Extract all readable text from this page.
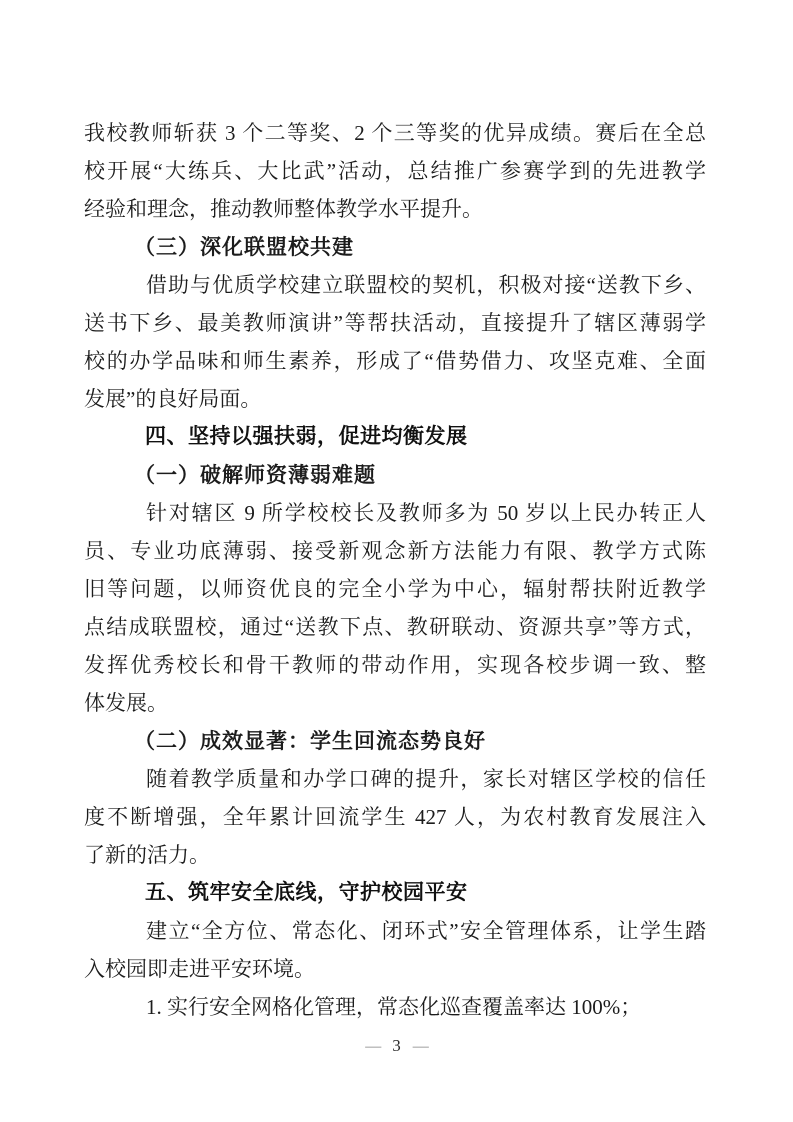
我校教师斩获 3 个二等奖、2 个三等奖的优异成绩。赛后在全总
校开展“大练兵、大比武”活动，总结推广参赛学到的先进教学
经验和理念，推动教师整体教学水平提升。
（三）深化联盟校共建
借助与优质学校建立联盟校的契机，积极对接“送教下乡、
送书下乡、最美教师演讲”等帮扶活动，直接提升了辖区薄弱学
校的办学品味和师生素养，形成了“借势借力、攻坚克难、全面
发展”的良好局面。
四、坚持以强扶弱，促进均衡发展
（一）破解师资薄弱难题
针对辖区 9 所学校校长及教师多为 50 岁以上民办转正人
员、专业功底薄弱、接受新观念新方法能力有限、教学方式陈
旧等问题，以师资优良的完全小学为中心，辐射帮扶附近教学
点结成联盟校，通过“送教下点、教研联动、资源共享”等方式，
发挥优秀校长和骨干教师的带动作用，实现各校步调一致、整
体发展。
（二）成效显著：学生回流态势良好
随着教学质量和办学口碑的提升，家长对辖区学校的信任
度不断增强，全年累计回流学生 427 人，为农村教育发展注入
了新的活力。
五、筑牢安全底线，守护校园平安
建立“全方位、常态化、闭环式”安全管理体系，让学生踏
入校园即走进平安环境。
1. 实行安全网格化管理，常态化巡查覆盖率达 100%；
— 3 —
